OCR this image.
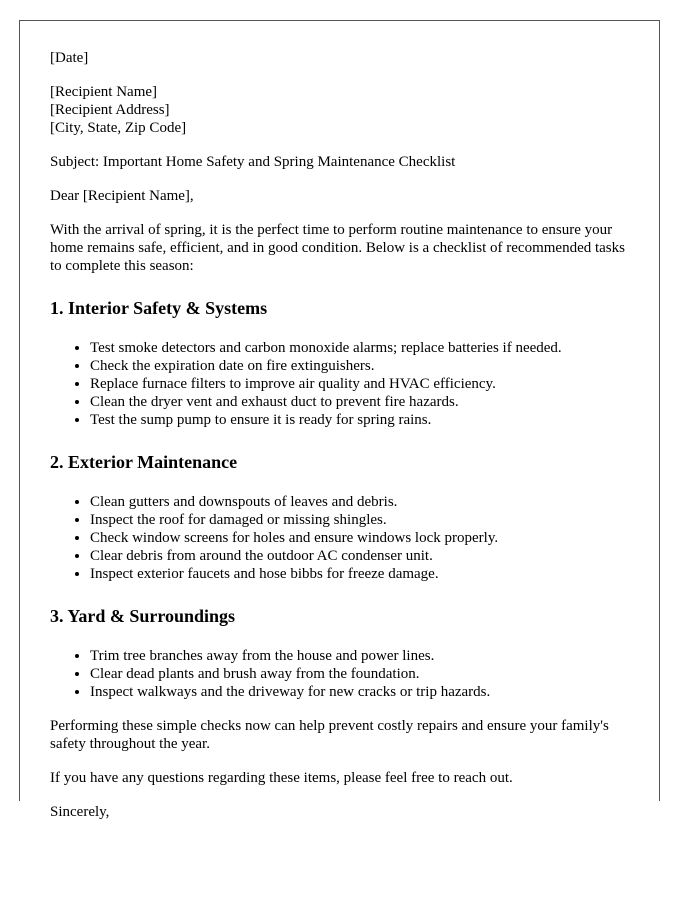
[Date]

[Recipient Name]
[Recipient Address]
[City, State, Zip Code]

Subject: Important Home Safety and Spring Maintenance Checklist

Dear [Recipient Name],

With the arrival of spring, it is the perfect time to perform routine maintenance to ensure your home remains safe, efficient, and in good condition. Below is a checklist of recommended tasks to complete this season:

1. Interior Safety & Systems
• Test smoke detectors and carbon monoxide alarms; replace batteries if needed.
• Check the expiration date on fire extinguishers.
• Replace furnace filters to improve air quality and HVAC efficiency.
• Clean the dryer vent and exhaust duct to prevent fire hazards.
• Test the sump pump to ensure it is ready for spring rains.
2. Exterior Maintenance
• Clean gutters and downspouts of leaves and debris.
• Inspect the roof for damaged or missing shingles.
• Check window screens for holes and ensure windows lock properly.
• Clear debris from around the outdoor AC condenser unit.
• Inspect exterior faucets and hose bibbs for freeze damage.
3. Yard & Surroundings
• Trim tree branches away from the house and power lines.
• Clear dead plants and brush away from the foundation.
• Inspect walkways and the driveway for new cracks or trip hazards.

Performing these simple checks now can help prevent costly repairs and ensure your family's safety throughout the year.

If you have any questions regarding these items, please feel free to reach out.

Sincerely,
